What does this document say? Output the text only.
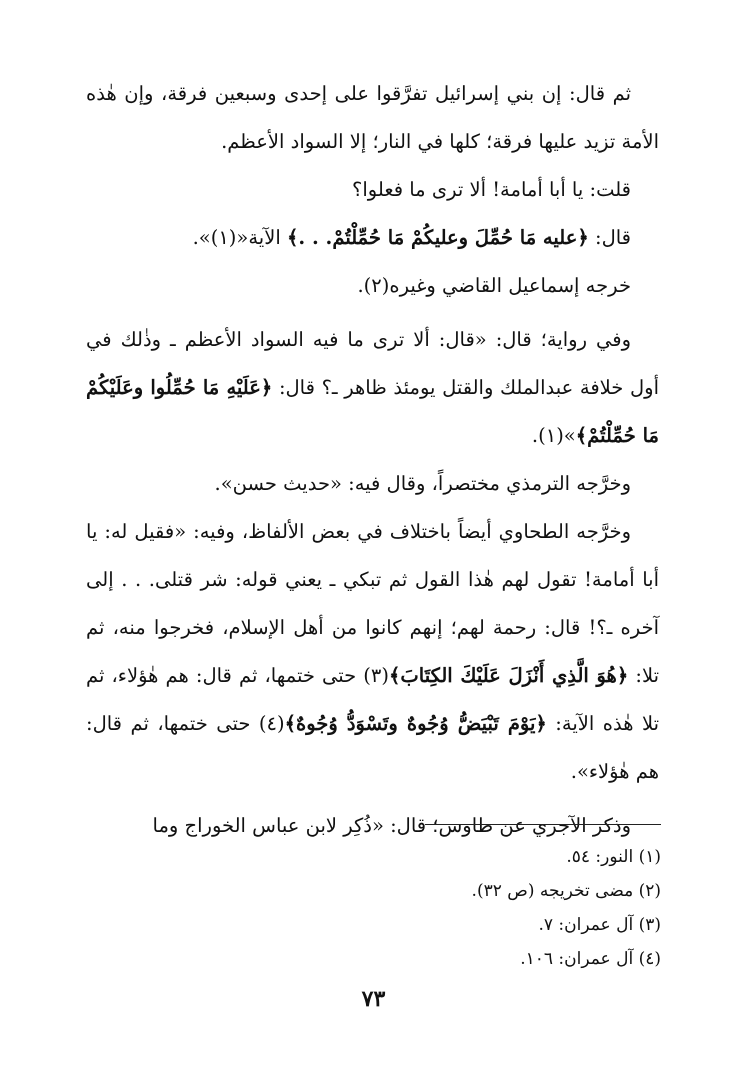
ثم قال: إن بني إسرائيل تفرَّقوا على إحدى وسبعين فرقة، وإن هٰذه الأمة تزيد عليها فرقة؛ كلها في النار؛ إلا السواد الأعظم.

قلت: يا أبا أمامة! ألا ترى ما فعلوا؟

قال: ﴿عليه مَا حُمِّلَ وعليكُمْ مَا حُمِّلْتُمْ. . .﴾ الآية«(١)».

خرجه إسماعيل القاضي وغيره(٢).

وفي رواية؛ قال: «قال: ألا ترى ما فيه السواد الأعظم ـ وذٰلك في أول خلافة عبدالملك والقتل يومئذ ظاهر ـ؟ قال: ﴿عَلَيْهِ مَا حُمِّلُوا وعَلَيْكُمْ مَا حُمِّلْتُمْ﴾»(١).

وخرَّجه الترمذي مختصراً، وقال فيه: «حديث حسن».

وخرَّجه الطحاوي أيضاً باختلاف في بعض الألفاظ، وفيه: «فقيل له: يا أبا أمامة! تقول لهم هٰذا القول ثم تبكي ـ يعني قوله: شر قتلى. . . إلى آخره ـ؟! قال: رحمة لهم؛ إنهم كانوا من أهل الإسلام، فخرجوا منه، ثم تلا: ﴿هُوَ الَّذِي أَنْزَلَ عَلَيْكَ الكِتَابَ﴾(٣) حتى ختمها، ثم قال: هم هٰؤلاء، ثم تلا هٰذه الآية: ﴿يَوْمَ تَبْيَضُّ وُجُوهٌ وتَسْوَدُّ وُجُوهٌ﴾(٤) حتى ختمها، ثم قال: هم هٰؤلاء».

وذكر الآجري عن طاوس؛ قال: «ذُكِر لابن عباس الخوراج وما

(١) النور: ٥٤.

(٢) مضى تخريجه (ص ٣٢).

(٣) آل عمران: ٧.

(٤) آل عمران: ١٠٦.

٧٣
